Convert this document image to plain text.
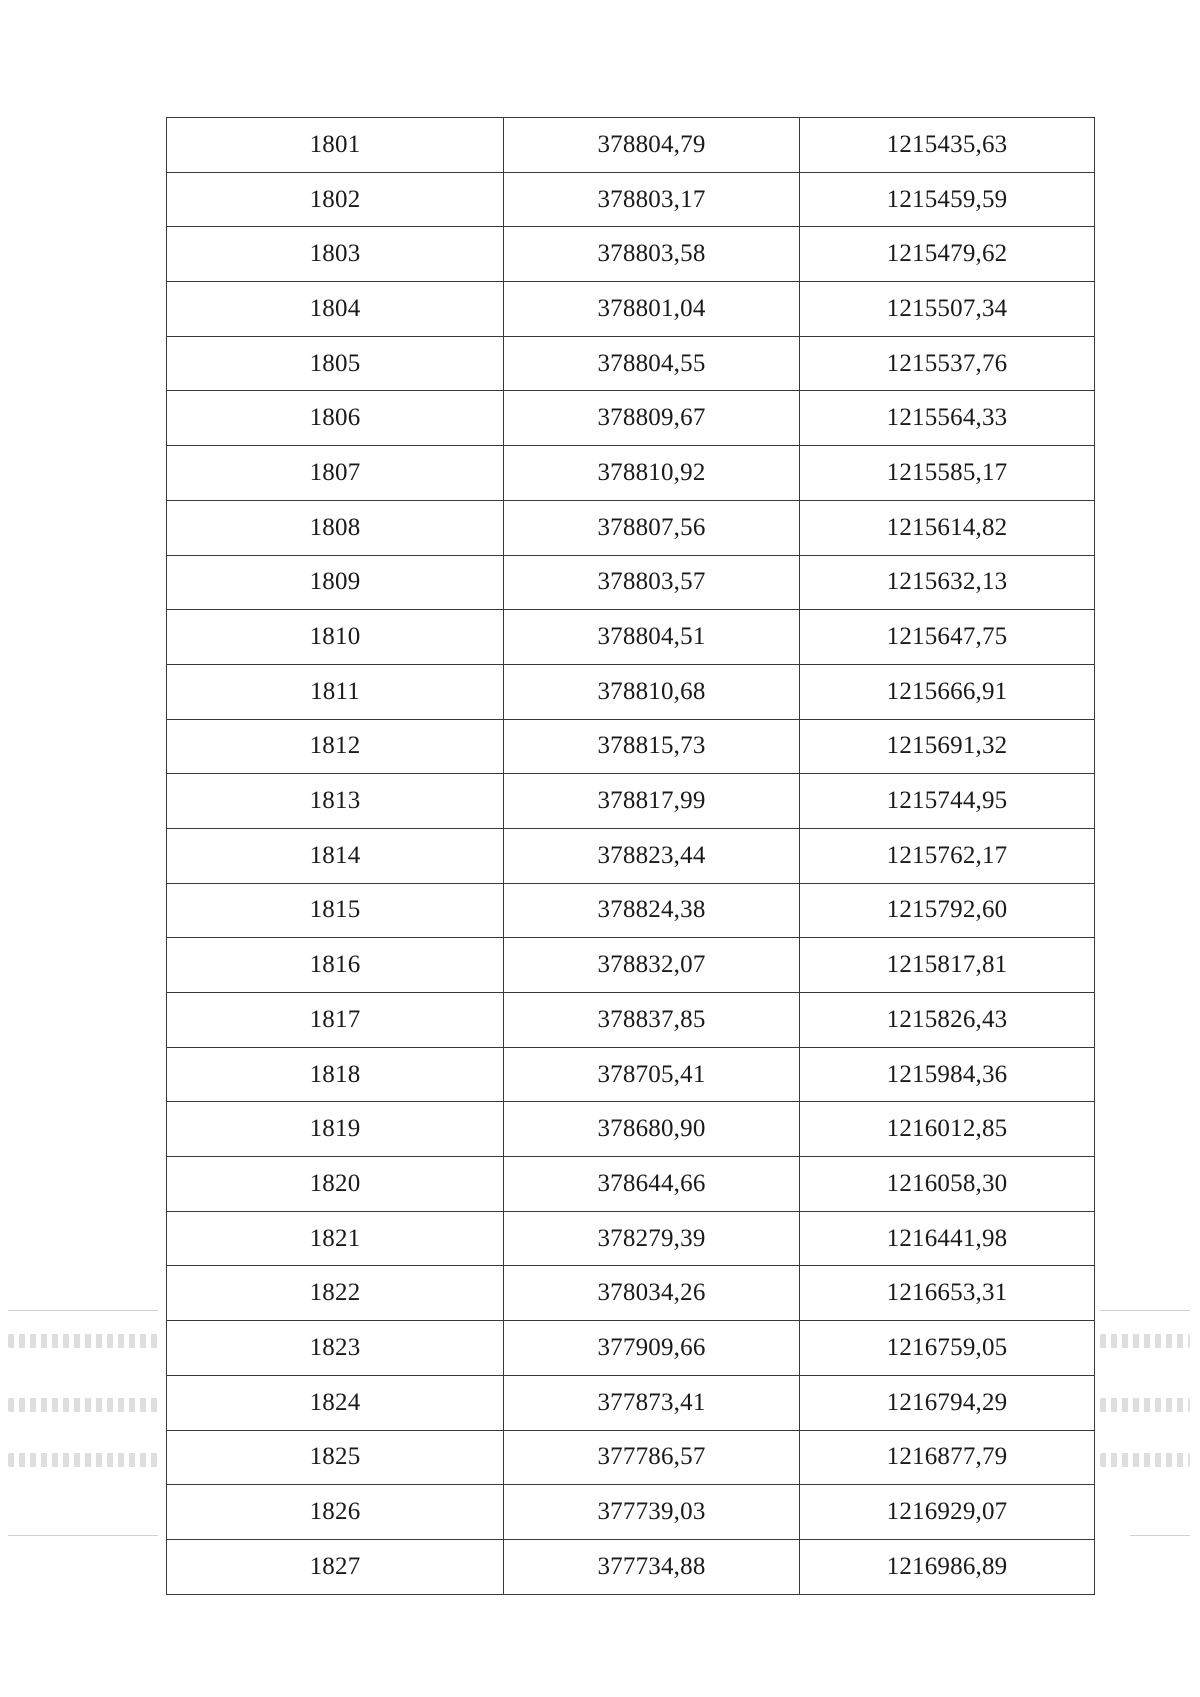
1801	378804,79	1215435,63
1802	378803,17	1215459,59
1803	378803,58	1215479,62
1804	378801,04	1215507,34
1805	378804,55	1215537,76
1806	378809,67	1215564,33
1807	378810,92	1215585,17
1808	378807,56	1215614,82
1809	378803,57	1215632,13
1810	378804,51	1215647,75
1811	378810,68	1215666,91
1812	378815,73	1215691,32
1813	378817,99	1215744,95
1814	378823,44	1215762,17
1815	378824,38	1215792,60
1816	378832,07	1215817,81
1817	378837,85	1215826,43
1818	378705,41	1215984,36
1819	378680,90	1216012,85
1820	378644,66	1216058,30
1821	378279,39	1216441,98
1822	378034,26	1216653,31
1823	377909,66	1216759,05
1824	377873,41	1216794,29
1825	377786,57	1216877,79
1826	377739,03	1216929,07
1827	377734,88	1216986,89
